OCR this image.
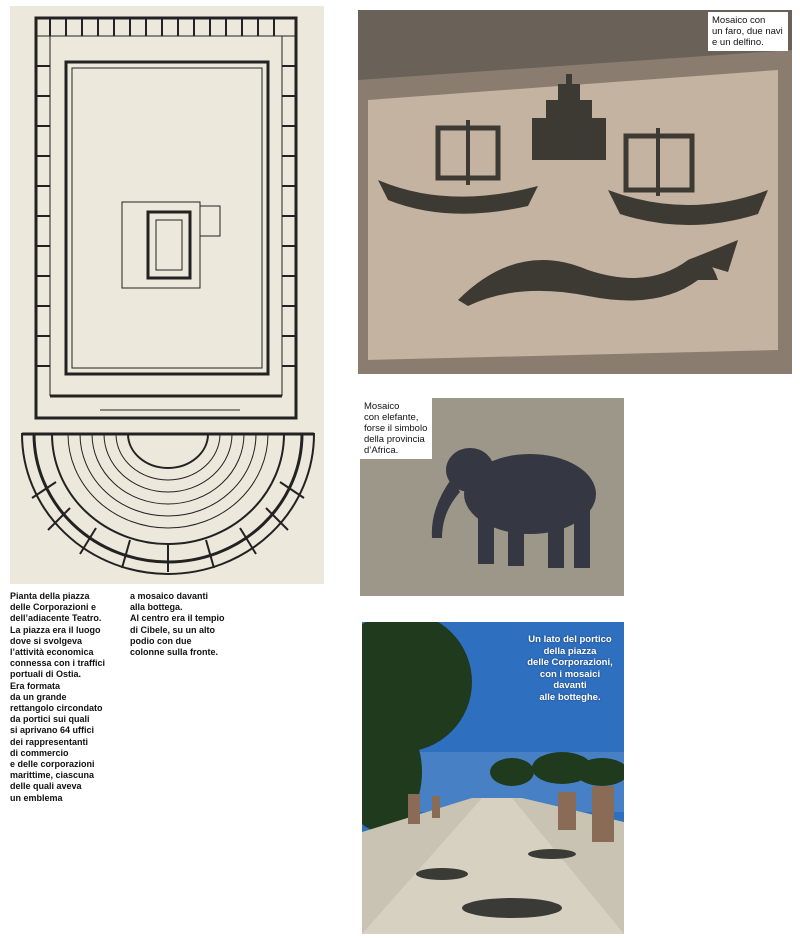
Pianta della piazza
delle Corporazioni e
dell’adiacente Teatro.
La piazza era il luogo
dove si svolgeva
l’attività economica
connessa con i traffici
portuali di Ostia.
Era formata
da un grande
rettangolo circondato
da portici sui quali
si aprivano 64 uffici
dei rappresentanti
di commercio
e delle corporazioni
marittime, ciascuna
delle quali aveva
un emblema
a mosaico davanti
alla bottega.
Al centro era il tempio
di Cibele, su un alto
podio con due
colonne sulla fronte.
Mosaico con
un faro, due navi
e un delfino.
Mosaico
con elefante,
forse il simbolo
della provincia
d’Africa.
Un lato del portico
della piazza
delle Corporazioni,
con i mosaici
davanti
alle botteghe.
